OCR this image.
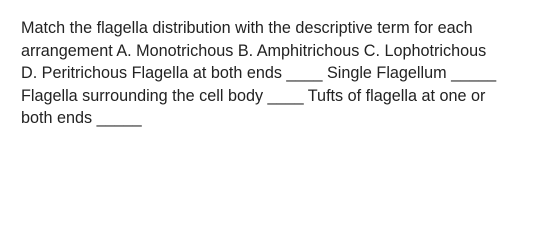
Match the flagella distribution with the descriptive term for each
arrangement A. Monotrichous B. Amphitrichous C. Lophotrichous
D. Peritrichous Flagella at both ends ____ Single Flagellum _____
Flagella surrounding the cell body ____ Tufts of flagella at one or
both ends _____
